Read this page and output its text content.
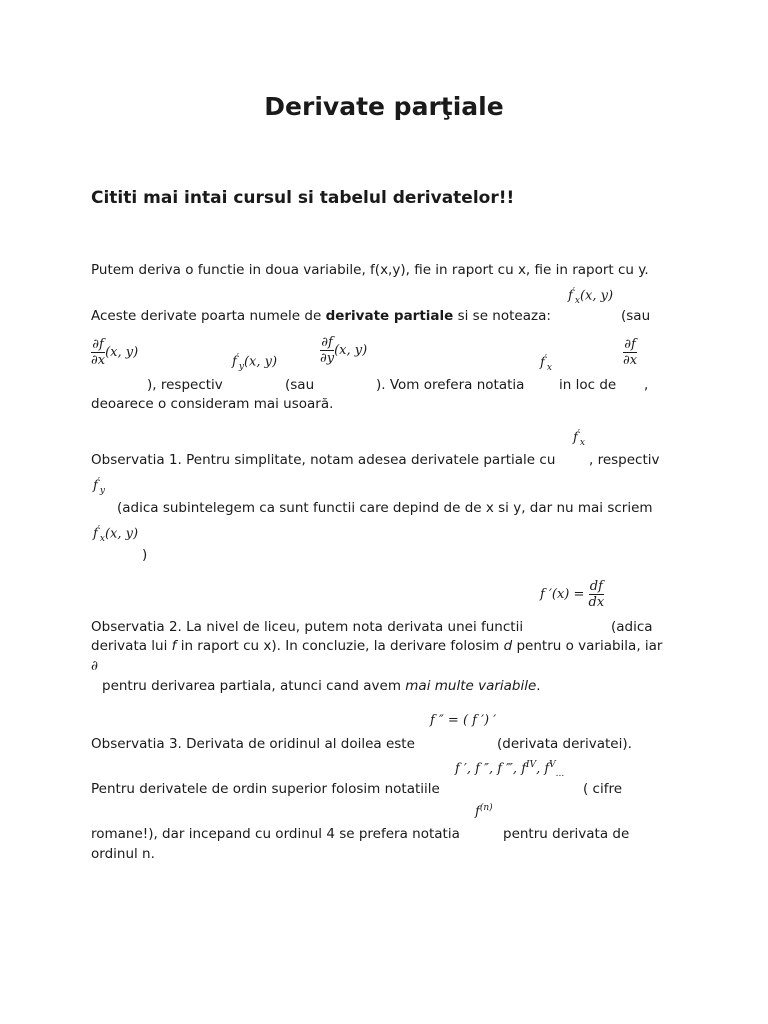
Derivate parţiale
Cititi mai intai cursul si tabelul derivatelor!!
Putem deriva o functie in doua variabile, f(x,y), fie in raport cu x, fie in raport cu y.
$f'_x(x$, y)
Aceste derivate poarta numele de derivate partiale si se noteaza:	(sau
$\frac{\partial f}{\partial x} (x$, y)
$f'_y(x$, y)	$\frac{\partial f}{\partial y} (x$, y)
$f'_x$
$\frac{\partial f}{\partial x}$
), respectiv	(sau	). Vom orefera notatia	in loc de ,
deoarece o consideram mai usoară.
$f'_x$
Observatia 1. Pentru simplitate, notam adesea derivatele partiale cu , respectiv
$f'_y$
(adica subintelegem ca sunt functii care depind de de x si y, dar nu mai scriem
$f'_x(x$, y)
)
f $'(x) = \frac{df}{dx}$
Observatia 2. La nivel de liceu, putem nota derivata unei functii	(adica
derivata lui f in raport cu x). In concluzie, la derivare folosim d pentru o variabila, iar
∂
pentru derivarea partiala, atunci cand avem mai multe variabile.
f ″ = ( f ′) ′
Observatia 3. Derivata de oridinul al doilea este	(derivata derivatei).
f ′, f ″, f ‴, $f^{IV}$, $f^V_{...}$
Pentru derivatele de ordin superior folosim notatiile	( cifre
$f^{(n)}$
romane!), dar incepand cu ordinul 4 se prefera notatia	pentru derivata de
ordinul n.
